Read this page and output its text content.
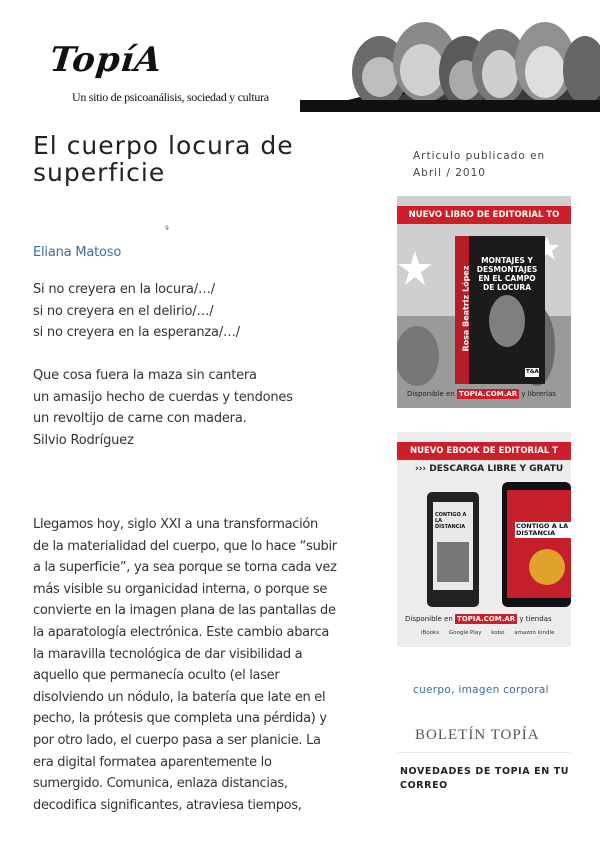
TopíA
Un sitio de psicoanálisis, sociedad y cultura
El cuerpo locura de superficie
9
Eliana Matoso
Si no creyera en la locura/…/
si no creyera en el delirio/…/
si no creyera en la esperanza/…/
Que cosa fuera la maza sin cantera
un amasijo hecho de cuerdas y tendones
un revoltijo de carne con madera.
Silvio Rodríguez
Llegamos hoy, siglo XXI a una transformación
de la materialidad del cuerpo, que lo hace “subir
a la superficie”, ya sea porque se torna cada vez
más visible su organicidad interna, o porque se
convierte en la imagen plana de las pantallas de
la aparatología electrónica. Este cambio abarca
la maravilla tecnológica de dar visibilidad a
aquello que permanecía oculto (el laser
disolviendo un nódulo, la batería que late en el
pecho, la prótesis que completa una pérdida) y
por otro lado, el cuerpo pasa a ser planicie. La
era digital formatea aparentemente lo
sumergido. Comunica, enlaza distancias,
decodifica significantes, atraviesa tiempos,
Articulo publicado en
Abril / 2010
NUEVO LIBRO DE EDITORIAL TO
MONTAJES Y DESMONTAJES EN EL CAMPO DE LOCURA
Rosa Beatriz López
T&A
Disponible en TOPIA.COM.AR y librerías
NUEVO EBOOK DE EDITORIAL T
››› DESCARGA LIBRE Y GRATU
CONTIGO A LA DISTANCIA	CONTIGO A LA DISTANCIA
Disponible en TOPIA.COM.AR y tiendas
iBooks Google Play kobo amazon kindle
cuerpo, imagen corporal
BOLETÍN TOPÍA
NOVEDADES DE TOPIA EN TU CORREO
